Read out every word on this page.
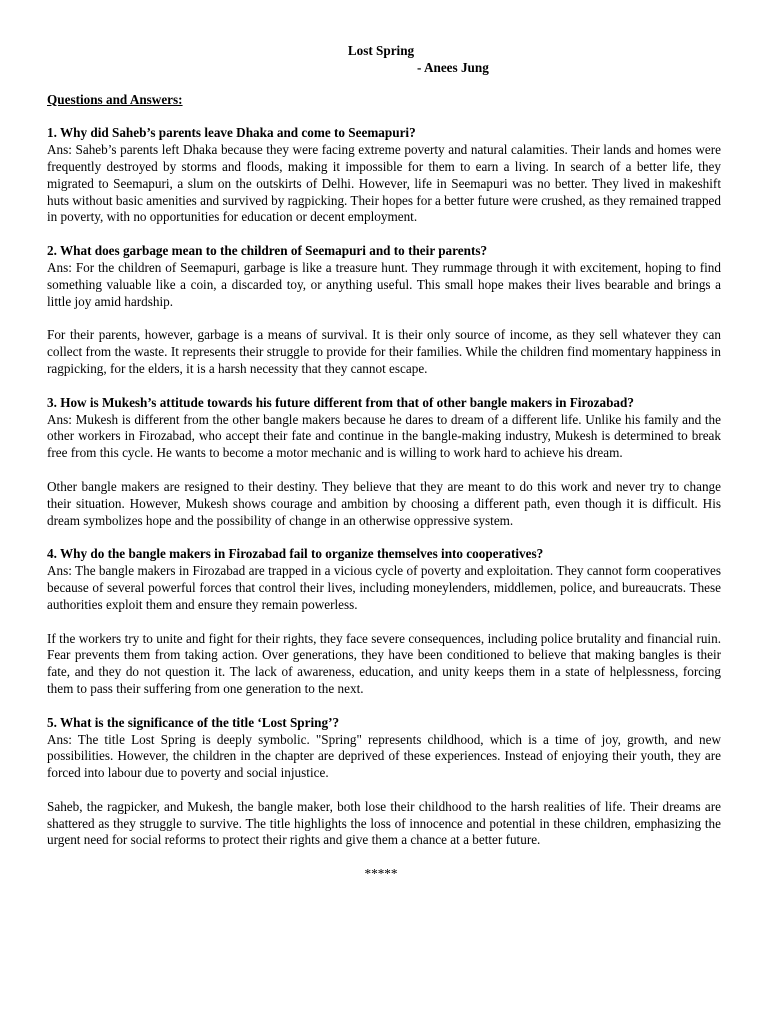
Lost Spring
- Anees Jung
Questions and Answers:
1. Why did Saheb’s parents leave Dhaka and come to Seemapuri?

Ans: Saheb’s parents left Dhaka because they were facing extreme poverty and natural calamities. Their lands and homes were frequently destroyed by storms and floods, making it impossible for them to earn a living. In search of a better life, they migrated to Seemapuri, a slum on the outskirts of Delhi. However, life in Seemapuri was no better. They lived in makeshift huts without basic amenities and survived by ragpicking. Their hopes for a better future were crushed, as they remained trapped in poverty, with no opportunities for education or decent employment.

2. What does garbage mean to the children of Seemapuri and to their parents?

Ans: For the children of Seemapuri, garbage is like a treasure hunt. They rummage through it with excitement, hoping to find something valuable like a coin, a discarded toy, or anything useful. This small hope makes their lives bearable and brings a little joy amid hardship.

For their parents, however, garbage is a means of survival. It is their only source of income, as they sell whatever they can collect from the waste. It represents their struggle to provide for their families. While the children find momentary happiness in ragpicking, for the elders, it is a harsh necessity that they cannot escape.

3. How is Mukesh’s attitude towards his future different from that of other bangle makers in Firozabad?

Ans: Mukesh is different from the other bangle makers because he dares to dream of a different life. Unlike his family and the other workers in Firozabad, who accept their fate and continue in the bangle-making industry, Mukesh is determined to break free from this cycle. He wants to become a motor mechanic and is willing to work hard to achieve his dream.

Other bangle makers are resigned to their destiny. They believe that they are meant to do this work and never try to change their situation. However, Mukesh shows courage and ambition by choosing a different path, even though it is difficult. His dream symbolizes hope and the possibility of change in an otherwise oppressive system.

4. Why do the bangle makers in Firozabad fail to organize themselves into cooperatives?

Ans: The bangle makers in Firozabad are trapped in a vicious cycle of poverty and exploitation. They cannot form cooperatives because of several powerful forces that control their lives, including moneylenders, middlemen, police, and bureaucrats. These authorities exploit them and ensure they remain powerless.

If the workers try to unite and fight for their rights, they face severe consequences, including police brutality and financial ruin. Fear prevents them from taking action. Over generations, they have been conditioned to believe that making bangles is their fate, and they do not question it. The lack of awareness, education, and unity keeps them in a state of helplessness, forcing them to pass their suffering from one generation to the next.

5. What is the significance of the title ‘Lost Spring’?

Ans: The title Lost Spring is deeply symbolic. "Spring" represents childhood, which is a time of joy, growth, and new possibilities. However, the children in the chapter are deprived of these experiences. Instead of enjoying their youth, they are forced into labour due to poverty and social injustice.

Saheb, the ragpicker, and Mukesh, the bangle maker, both lose their childhood to the harsh realities of life. Their dreams are shattered as they struggle to survive. The title highlights the loss of innocence and potential in these children, emphasizing the urgent need for social reforms to protect their rights and give them a chance at a better future.

*****
